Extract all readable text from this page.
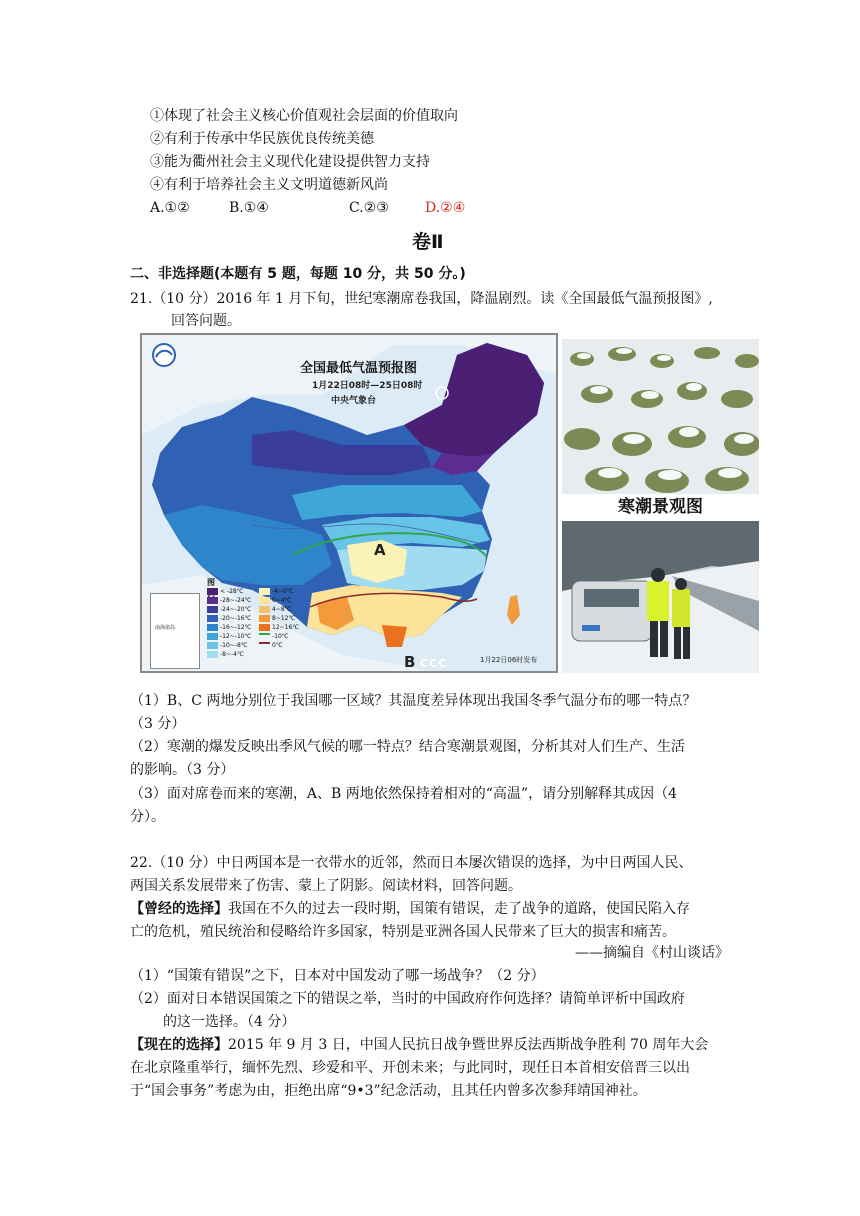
①体现了社会主义核心价值观社会层面的价值取向
②有利于传承中华民族优良传统美德
③能为衢州社会主义现代化建设提供智力支持
④有利于培养社会主义文明道德新风尚
A.①②	B.①④	C.②③	D.②④
卷Ⅱ
二、非选择题(本题有 5 题，每题 10 分，共 50 分。)
21.（10 分）2016 年 1 月下旬，世纪寒潮席卷我国，降温剧烈。读《全国最低气温预报图》,
回答问题。
全国最低气温预报图
1月22日08时—25日08时
中央气象台
1月22日06时发布
A
B CCC
南海诸岛
图
< -28℃
-28~-24℃
-24~-20℃
-20~-16℃
-16~-12℃
-12~-10℃
-10~-8℃
-8~-4℃
-4~0℃
0~4℃
4~8℃
8~12℃
12~16℃
-10℃
0℃
寒潮景观图
（1）B、C 两地分别位于我国哪一区域？其温度差异体现出我国冬季气温分布的哪一特点？
（3 分）
（2）寒潮的爆发反映出季风气候的哪一特点？结合寒潮景观图，分析其对人们生产、生活
的影响。（3 分）
（3）面对席卷而来的寒潮，A、B 两地依然保持着相对的“高温”，请分别解释其成因（4
分）。
22.（10 分）中日两国本是一衣带水的近邻，然而日本屡次错误的选择，为中日两国人民、
两国关系发展带来了伤害、蒙上了阴影。阅读材料，回答问题。
【曾经的选择】我国在不久的过去一段时期，国策有错误，走了战争的道路，使国民陷入存
亡的危机，殖民统治和侵略给许多国家，特别是亚洲各国人民带来了巨大的损害和痛苦。
——摘编自《村山谈话》
（1）“国策有错误”之下，日本对中国发动了哪一场战争？（2 分）
（2）面对日本错误国策之下的错误之举，当时的中国政府作何选择？请简单评析中国政府
的这一选择。（4 分）
【现在的选择】2015 年 9 月 3 日，中国人民抗日战争暨世界反法西斯战争胜利 70 周年大会
在北京隆重举行，缅怀先烈、珍爱和平、开创未来；与此同时，现任日本首相安倍晋三以出
于“国会事务”考虑为由，拒绝出席“9•3”纪念活动，且其任内曾多次参拜靖国神社。
